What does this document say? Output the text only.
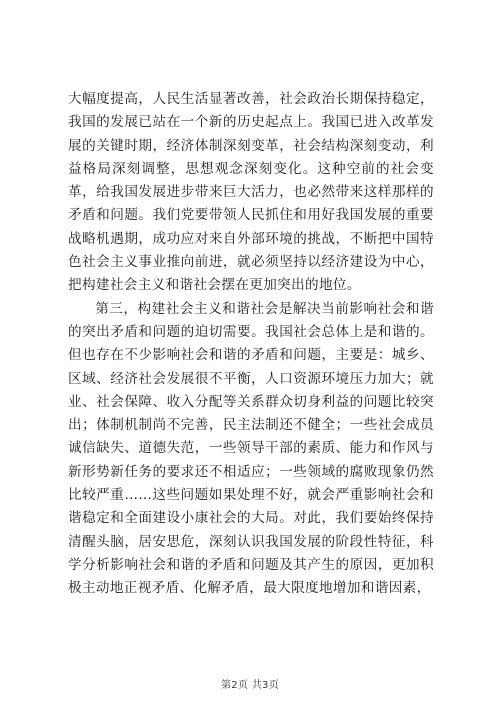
大幅度提高，人民生活显著改善，社会政治长期保持稳定，我国的发展已站在一个新的历史起点上。我国已进入改革发展的关键时期，经济体制深刻变革，社会结构深刻变动，利益格局深刻调整，思想观念深刻变化。这种空前的社会变革，给我国发展进步带来巨大活力，也必然带来这样那样的矛盾和问题。我们党要带领人民抓住和用好我国发展的重要战略机遇期，成功应对来自外部环境的挑战，不断把中国特色社会主义事业推向前进，就必须坚持以经济建设为中心，把构建社会主义和谐社会摆在更加突出的地位。

第三，构建社会主义和谐社会是解决当前影响社会和谐的突出矛盾和问题的迫切需要。我国社会总体上是和谐的。但也存在不少影响社会和谐的矛盾和问题，主要是：城乡、区域、经济社会发展很不平衡，人口资源环境压力加大；就业、社会保障、收入分配等关系群众切身利益的问题比较突出；体制机制尚不完善，民主法制还不健全；一些社会成员诚信缺失、道德失范，一些领导干部的素质、能力和作风与新形势新任务的要求还不相适应；一些领域的腐败现象仍然比较严重……这些问题如果处理不好，就会严重影响社会和谐稳定和全面建设小康社会的大局。对此，我们要始终保持清醒头脑，居安思危，深刻认识我国发展的阶段性特征，科学分析影响社会和谐的矛盾和问题及其产生的原因，更加积极主动地正视矛盾、化解矛盾，最大限度地增加和谐因素，

第2页 共3页
